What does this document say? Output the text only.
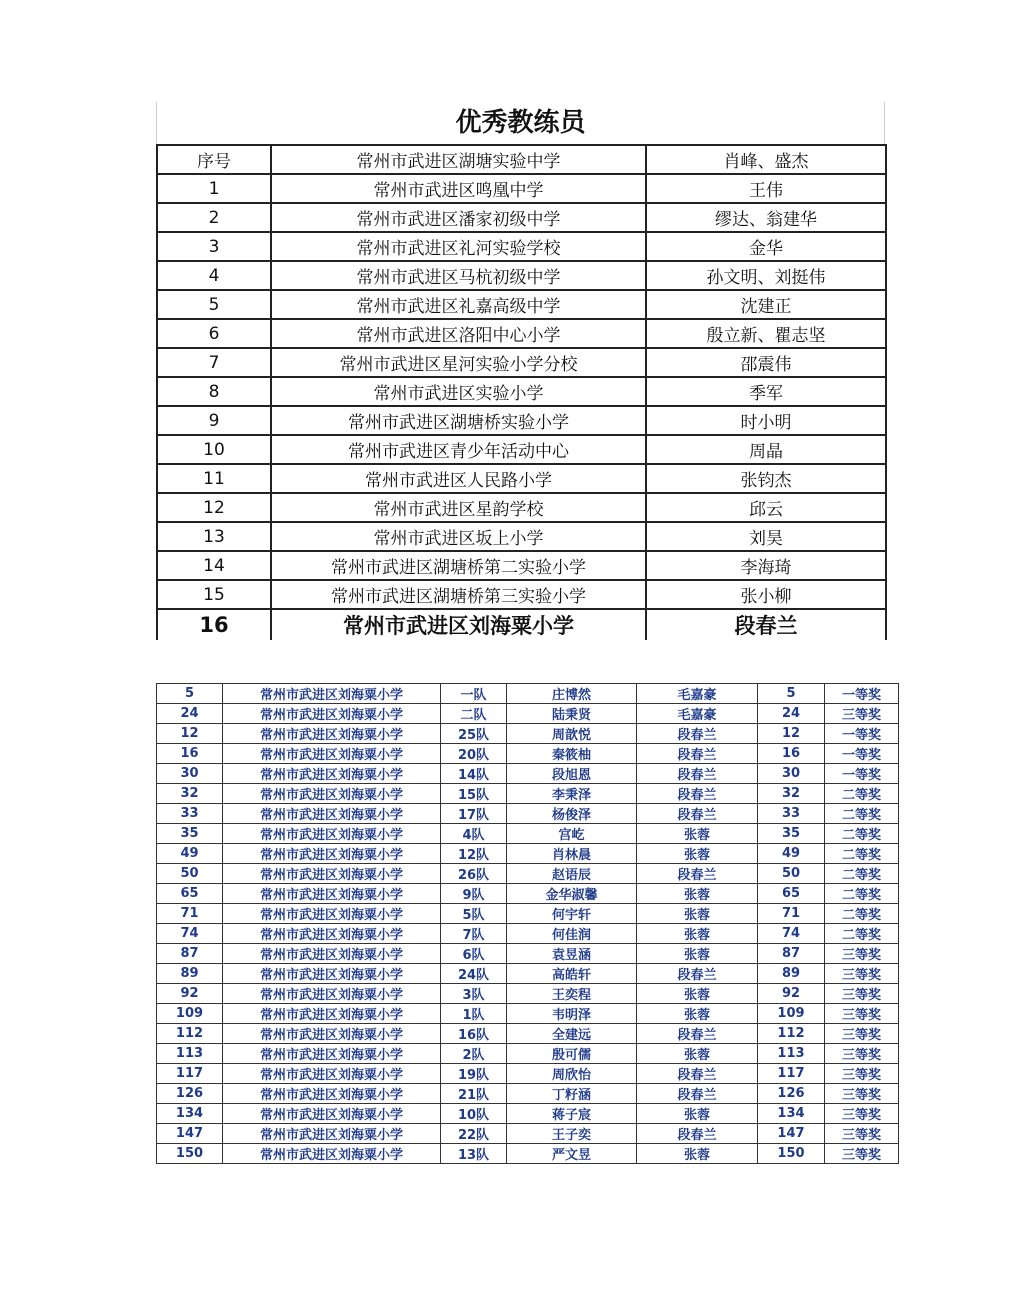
优秀教练员
序号	常州市武进区湖塘实验中学	肖峰、盛杰
1	常州市武进区鸣凰中学	王伟
2	常州市武进区潘家初级中学	缪达、翁建华
3	常州市武进区礼河实验学校	金华
4	常州市武进区马杭初级中学	孙文明、刘挺伟
5	常州市武进区礼嘉高级中学	沈建正
6	常州市武进区洛阳中心小学	殷立新、瞿志坚
7	常州市武进区星河实验小学分校	邵震伟
8	常州市武进区实验小学	季军
9	常州市武进区湖塘桥实验小学	时小明
10	常州市武进区青少年活动中心	周晶
11	常州市武进区人民路小学	张钧杰
12	常州市武进区星韵学校	邱云
13	常州市武进区坂上小学	刘昊
14	常州市武进区湖塘桥第二实验小学	李海琦
15	常州市武进区湖塘桥第三实验小学	张小柳
16	常州市武进区刘海粟小学	段春兰
5	常州市武进区刘海粟小学	一队	庄博然	毛嘉豪	5	一等奖
24	常州市武进区刘海粟小学	二队	陆秉贤	毛嘉豪	24	三等奖
12	常州市武进区刘海粟小学	25队	周歆悦	段春兰	12	一等奖
16	常州市武进区刘海粟小学	20队	秦筱柚	段春兰	16	一等奖
30	常州市武进区刘海粟小学	14队	段旭恩	段春兰	30	一等奖
32	常州市武进区刘海粟小学	15队	李秉泽	段春兰	32	二等奖
33	常州市武进区刘海粟小学	17队	杨俊泽	段春兰	33	二等奖
35	常州市武进区刘海粟小学	4队	宫屹	张蓉	35	二等奖
49	常州市武进区刘海粟小学	12队	肖林晨	张蓉	49	二等奖
50	常州市武进区刘海粟小学	26队	赵语辰	段春兰	50	二等奖
65	常州市武进区刘海粟小学	9队	金华淑馨	张蓉	65	二等奖
71	常州市武进区刘海粟小学	5队	何宇轩	张蓉	71	二等奖
74	常州市武进区刘海粟小学	7队	何佳润	张蓉	74	二等奖
87	常州市武进区刘海粟小学	6队	袁昱涵	张蓉	87	三等奖
89	常州市武进区刘海粟小学	24队	高皓轩	段春兰	89	三等奖
92	常州市武进区刘海粟小学	3队	王奕程	张蓉	92	三等奖
109	常州市武进区刘海粟小学	1队	韦明泽	张蓉	109	三等奖
112	常州市武进区刘海粟小学	16队	全建远	段春兰	112	三等奖
113	常州市武进区刘海粟小学	2队	殷可儒	张蓉	113	三等奖
117	常州市武进区刘海粟小学	19队	周欣怡	段春兰	117	三等奖
126	常州市武进区刘海粟小学	21队	丁籽涵	段春兰	126	三等奖
134	常州市武进区刘海粟小学	10队	蒋子宸	张蓉	134	三等奖
147	常州市武进区刘海粟小学	22队	王子奕	段春兰	147	三等奖
150	常州市武进区刘海粟小学	13队	严文昱	张蓉	150	三等奖
